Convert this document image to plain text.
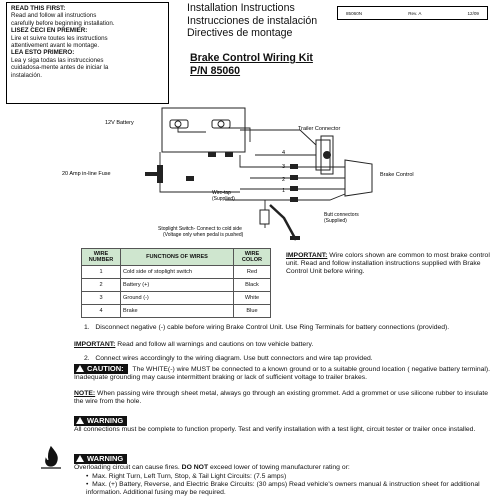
READ THIS FIRST:
Read and follow all instructions
carefully before beginning installation.
LISEZ CECI EN PREMIER:
Lire et suivre toutes les instructions
attentivement avant le montage.
LEA ESTO PRIMERO:
Lea y siga todas las instrucciones
cuidadosa-mente antes de iniciar la
instalación.
Installation Instructions
Instrucciones de instalación
Directives de montage
85060N	Rev. A	12/09
Brake Control Wiring Kit
P/N 85060
12V Battery
20 Amp in-line Fuse
Trailer Connector
Brake Control
4
3
2
1
Wire-tap
(Supplied)
Butt connectors
(Supplied)
Stoplight Switch- Connect to cold side
(Voltage only when pedal is pushed)
WIRE
NUMBER	FUNCTIONS OF WIRES	WIRE
COLOR
1	Cold side of stoplight switch	Red
2	Battery (+)	Black
3	Ground (-)	White
4	Brake	Blue
IMPORTANT: Wire colors shown are common to most brake control unit. Read and follow installation instructions supplied with Brake Control Unit before wiring.
1. Disconnect negative (-) cable before wiring Brake Control Unit. Use Ring Terminals for battery connections (provided).
IMPORTANT: Read and follow all warnings and cautions on tow vehicle battery.
2. Connect wires accordingly to the wiring diagram. Use butt connectors and wire tap provided.
CAUTION: The WHITE(-) wire MUST be connected to a known ground or to a suitable ground location ( negative battery terminal). Inadequate grounding may cause intermittent braking or lack of sufficient voltage to trailer brakes.
NOTE: When passing wire through sheet metal, always go through an existing grommet. Add a grommet or use silicone rubber to insulate the wire from the hole.
WARNING
All connections must be complete to function properly. Test and verify installation with a test light, circuit tester or trailer once installed.
WARNING
Overloading circuit can cause fires. DO NOT exceed lower of towing manufacturer rating or:
•  Max. Right Turn, Left Turn, Stop, & Tail Light Circuits: (7.5 amps)
•  Max. (+) Battery, Reverse, and Electric Brake Circuits: (30 amps) Read vehicle's owners manual & instruction sheet for additional information. Additional fusing may be required.
